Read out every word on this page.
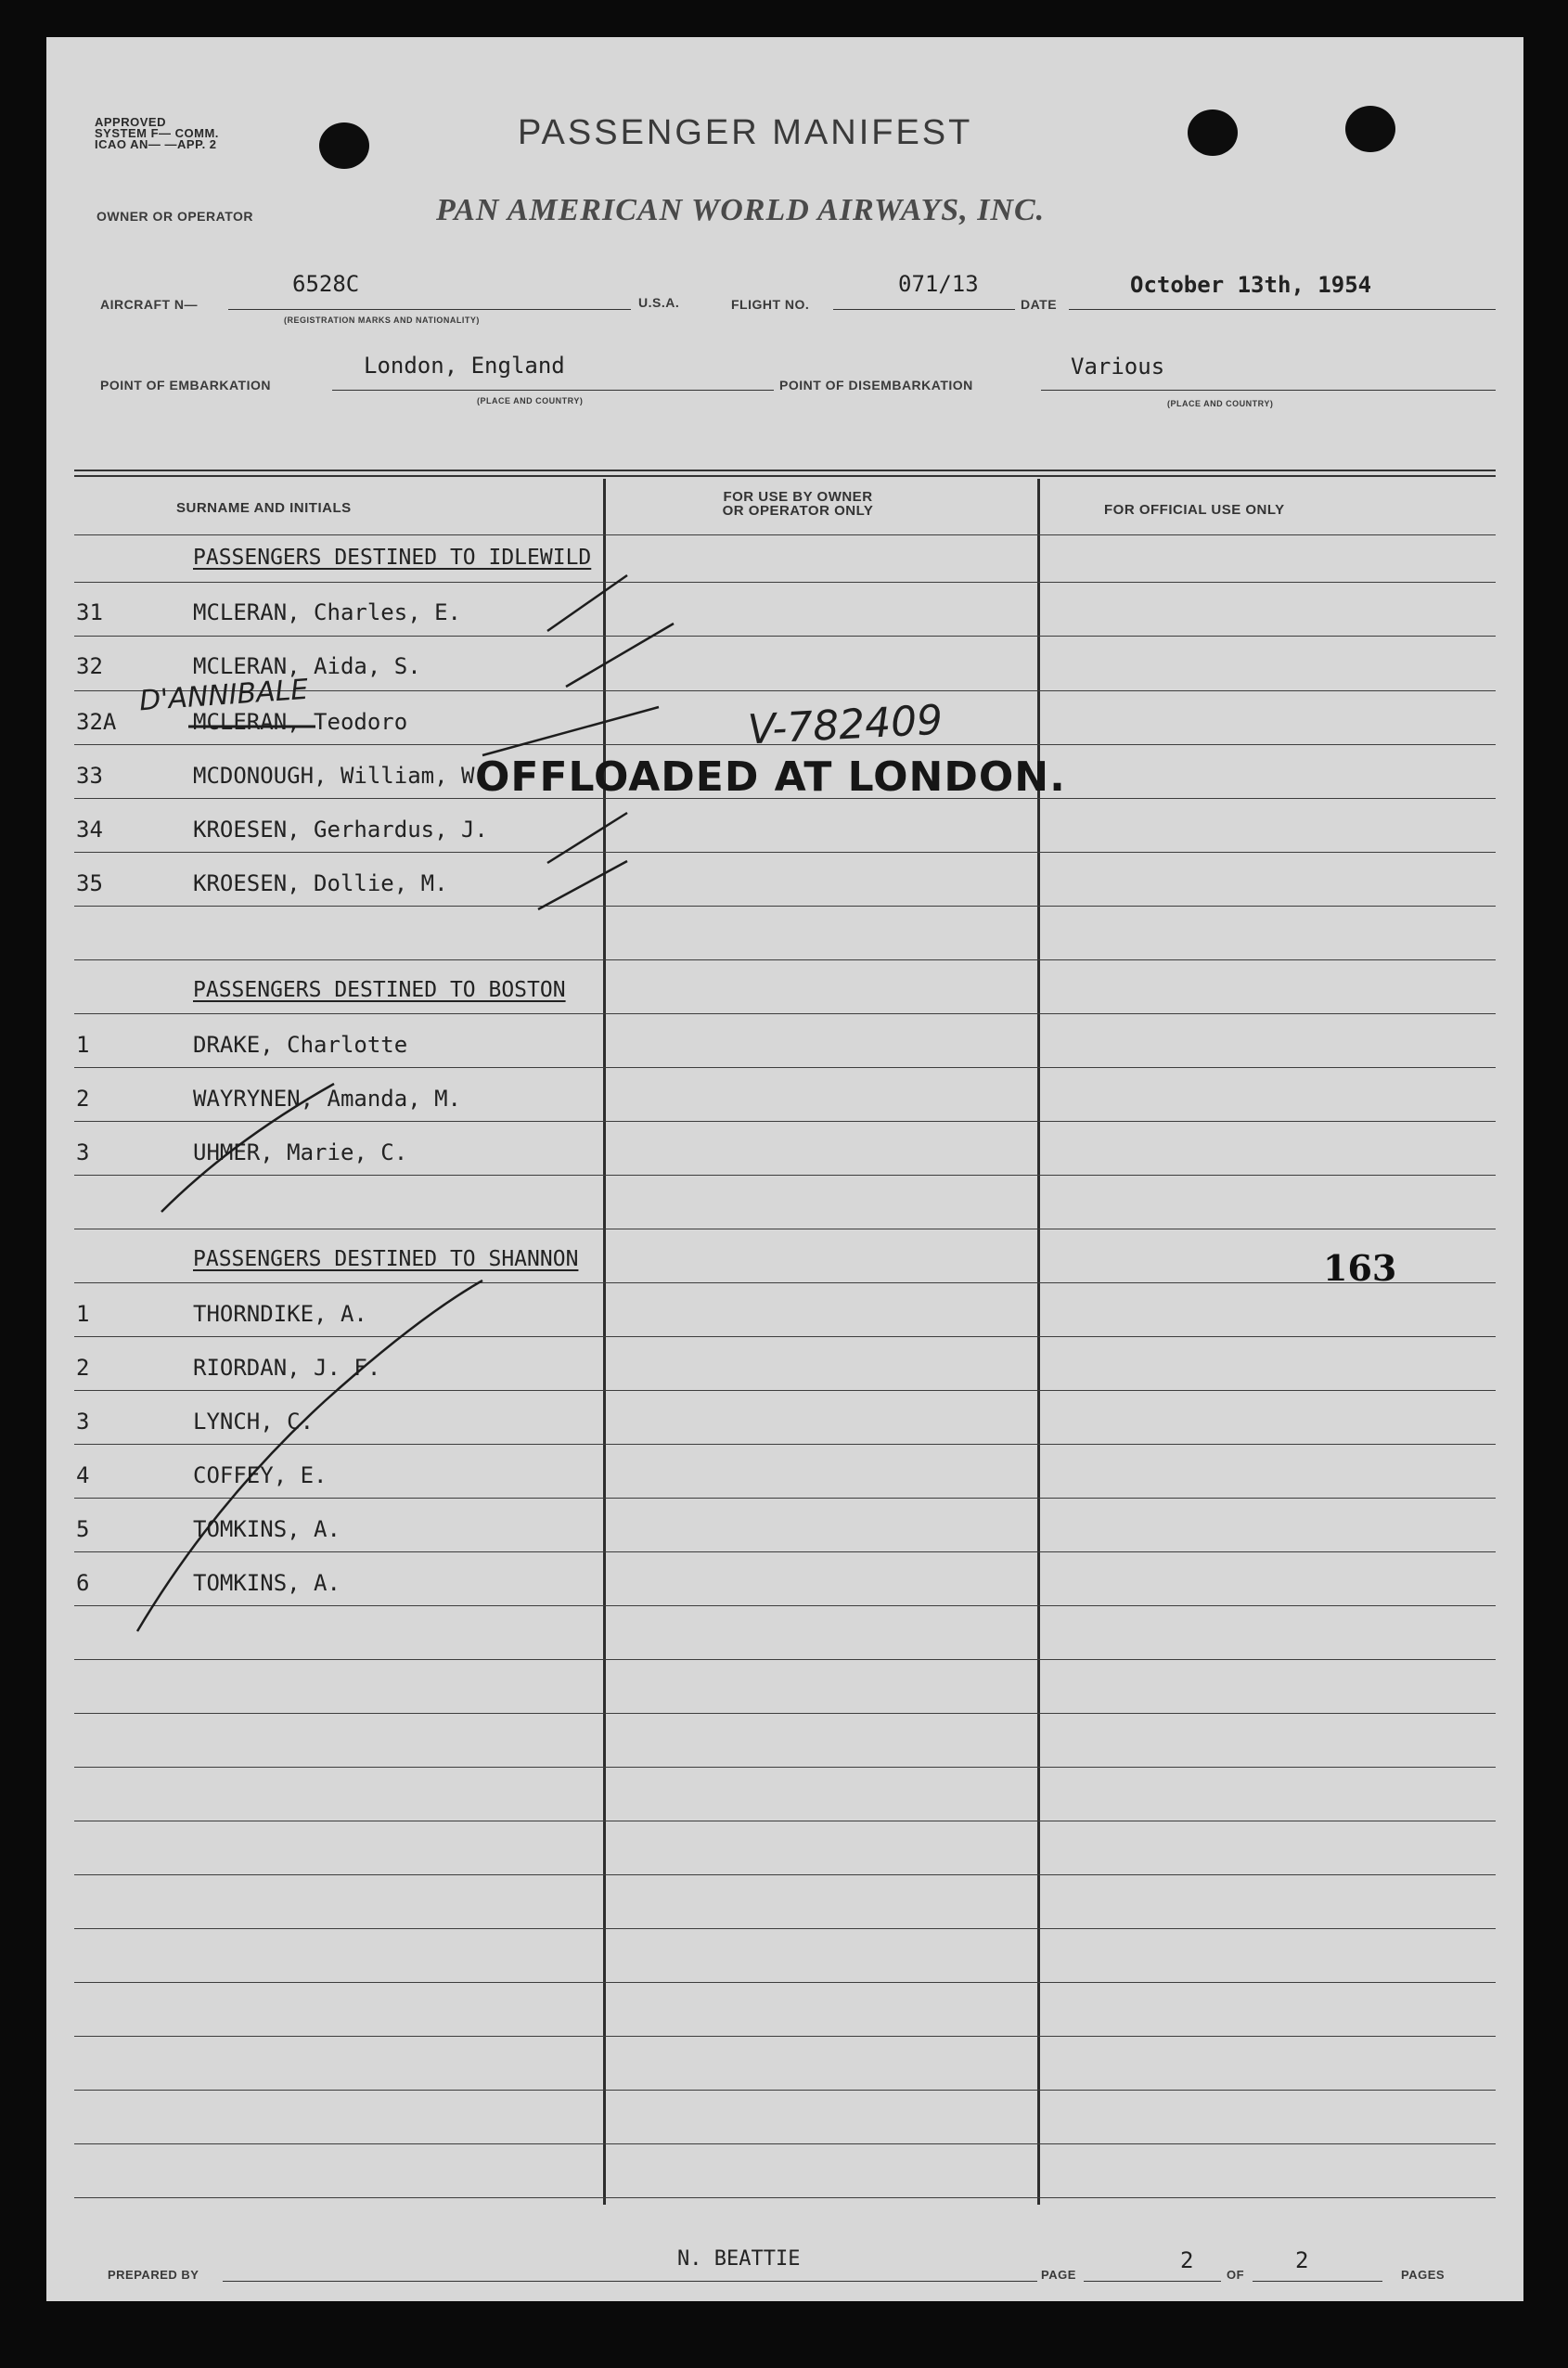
APPROVED
SYSTEM F— COMM.
ICAO AN— —APP. 2	PASSENGER MANIFEST
OWNER OR OPERATOR	PAN AMERICAN WORLD AIRWAYS, INC.
AIRCRAFT N—
6528C
(REGISTRATION MARKS AND NATIONALITY)
U.S.A.	FLIGHT NO.
071/13
DATE
October 13th, 1954
POINT OF EMBARKATION
London, England
(PLACE AND COUNTRY)
POINT OF DISEMBARKATION
Various
(PLACE AND COUNTRY)
SURNAME AND INITIALS
FOR USE BY OWNER
OR OPERATOR ONLY	FOR OFFICIAL USE ONLY
PASSENGERS DESTINED TO IDLEWILD
31	MCLERAN, Charles, E.
32	MCLERAN, Aida, S.
32A	MCLERAN, Teodoro
33	MCDONOUGH, William, W.
34	KROESEN, Gerhardus, J.
35	KROESEN, Dollie, M.
PASSENGERS DESTINED TO BOSTON
1	DRAKE, Charlotte
2	WAYRYNEN, Amanda, M.
3	UHMER, Marie, C.
PASSENGERS DESTINED TO SHANNON
1	THORNDIKE, A.
2	RIORDAN, J. F.
3	LYNCH, C.
4	COFFEY, E.
5	TOMKINS, A.
6	TOMKINS, A.
D'ANNIBALE
V-782409
OFFLOADED AT LONDON.
163
PREPARED BY
N. BEATTIE
PAGE
2
OF
2
PAGES
